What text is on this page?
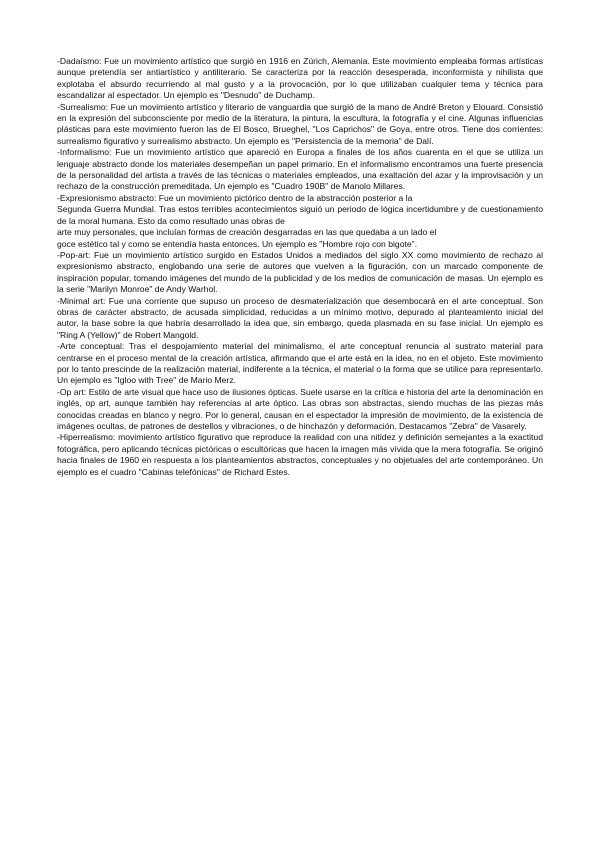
-Dadaísmo: Fue un movimiento artístico que surgió en 1916 en Zúrich, Alemania. Este movimiento empleaba formas artísticas aunque pretendía ser antiartístico y antiliterario. Se caracteriza por la reacción desesperada, inconformista y nihilista que explotaba el absurdo recurriendo al mal gusto y a la provocación, por lo que utilizaban cualquier tema y técnica para escandalizar al espectador. Un ejemplo es "Desnudo" de Duchamp.

-Surrealismo: Fue un movimiento artístico y literario de vanguardia que surgió de la mano de André Breton y Elouard. Consistió en la expresión del subconsciente por medio de la literatura, la pintura, la escultura, la fotografía y el cine. Algunas influencias plásticas para este movimiento fueron las de El Bosco, Brueghel, "Los Caprichos" de Goya, entre otros. Tiene dos corrientes: surrealismo figurativo y surrealismo abstracto. Un ejemplo es "Persistencia de la memoria" de Dalí.

-Informalismo: Fue un movimiento artístico que apareció en Europa a finales de los años cuarenta en el que se utiliza un lenguaje abstracto donde los materiales desempeñan un papel primario. En el informalismo encontramos una fuerte presencia de la personalidad del artista a través de las técnicas o materiales empleados, una exaltación del azar y la improvisación y un rechazo de la construcción premeditada. Un ejemplo es "Cuadro 190B" de Manolo Millares.

-Expresionismo abstracto: Fue un movimiento pictórico dentro de la abstracción posterior a la

Segunda Guerra Mundial. Tras estos terribles acontecimientos siguió un periodo de lógica incertidumbre y de cuestionamiento de la moral humana. Esto da como resultado unas obras de

arte muy personales, que incluían formas de creación desgarradas en las que quedaba a un lado el

goce estético tal y como se entendía hasta entonces. Un ejemplo es "Hombre rojo con bigote".

-Pop-art: Fue un movimiento artístico surgido en Estados Unidos a mediados del siglo XX como movimiento de rechazo al expresionismo abstracto, englobando una serie de autores que vuelven a la figuración, con un marcado componente de inspiración popular, tomando imágenes del mundo de la publicidad y de los medios de comunicación de masas. Un ejemplo es la serie "Marilyn Monroe" de Andy Warhol.

-Minimal art: Fue una corriente que supuso un proceso de desmaterialización que desembocará en el arte conceptual. Son obras de carácter abstracto, de acusada simplicidad, reducidas a un mínimo motivo, depurado al planteamiento inicial del autor, la base sobre la que habría desarrollado la idea que, sin embargo, queda plasmada en su fase inicial. Un ejemplo es "Ring A (Yellow)" de Robert Mangold.

-Arte conceptual: Tras el despojamiento material del minimalismo, el arte conceptual renuncia al sustrato material para centrarse en el proceso mental de la creación artística, afirmando que el arte está en la idea, no en el objeto. Este movimiento por lo tanto prescinde de la realización material, indiferente a la técnica, el material o la forma que se utilice para representarlo. Un ejemplo es "Igloo with Tree" de Mario Merz.

-Op art: Estilo de arte visual que hace uso de ilusiones ópticas. Suele usarse en la crítica e historia del arte la denominación en inglés, op art, aunque también hay referencias al arte óptico. Las obras son abstractas, siendo muchas de las piezas más conocidas creadas en blanco y negro. Por lo general, causan en el espectador la impresión de movimiento, de la existencia de imágenes ocultas, de patrones de destellos y vibraciones, o de hinchazón y deformación. Destacamos "Zebra" de Vasarely.

-Hiperrealismo: movimiento artístico figurativo que reproduce la realidad con una nitidez y definición semejantes a la exactitud fotográfica, pero aplicando técnicas pictóricas o escultóricas que hacen la imagen más vívida que la mera fotografía. Se originó hacia finales de 1960 en respuesta a los planteamientos abstractos, conceptuales y no objetuales del arte contemporáneo. Un ejemplo es el cuadro "Cabinas telefónicas" de Richard Estes.
